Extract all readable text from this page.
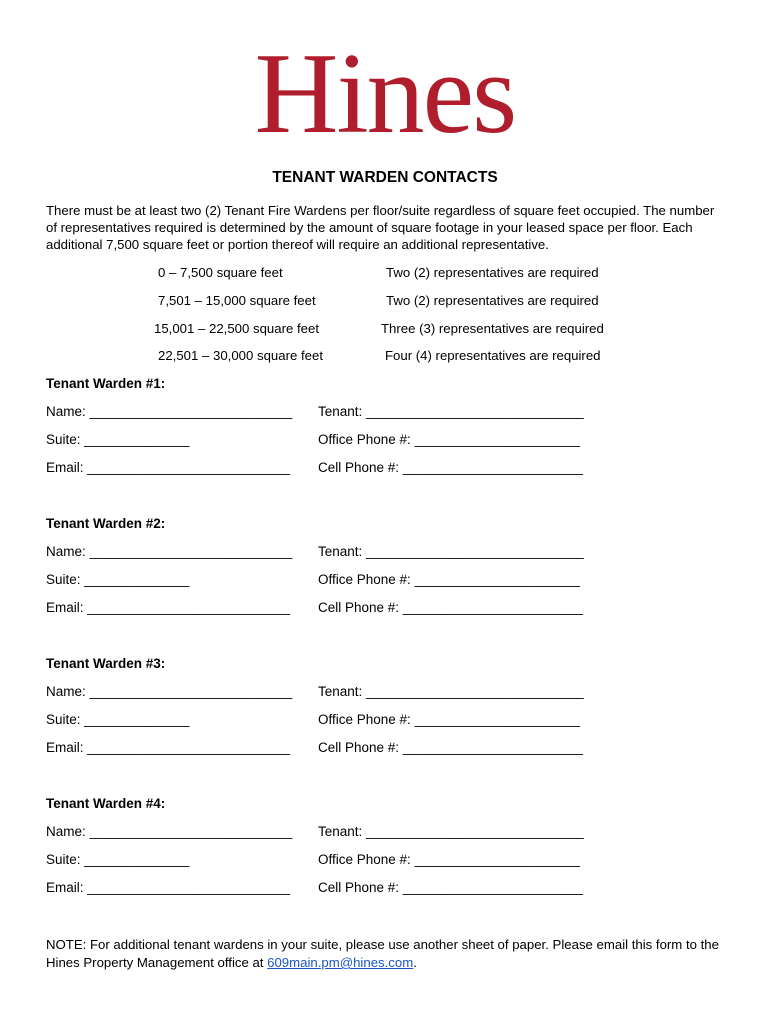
Hines
TENANT WARDEN CONTACTS
There must be at least two (2) Tenant Fire Wardens per floor/suite regardless of square feet occupied. The number of representatives required is determined by the amount of square footage in your leased space per floor. Each additional 7,500 square feet or portion thereof will require an additional representative.
0 – 7,500 square feet	Two (2) representatives are required
7,501 – 15,000 square feet	Two (2) representatives are required
15,001 – 22,500 square feet	Three (3) representatives are required
22,501 – 30,000 square feet	Four (4) representatives are required
Tenant Warden #1:
Name: ___________________________ Tenant: _____________________________
Suite: ______________	Office Phone #: ______________________
Email: ___________________________ Cell Phone #: ________________________
Tenant Warden #2:
Name: ___________________________ Tenant: _____________________________
Suite: ______________	Office Phone #: ______________________
Email: ___________________________ Cell Phone #: ________________________
Tenant Warden #3:
Name: ___________________________ Tenant: _____________________________
Suite: ______________	Office Phone #: ______________________
Email: ___________________________ Cell Phone #: ________________________
Tenant Warden #4:
Name: ___________________________ Tenant: _____________________________
Suite: ______________	Office Phone #: ______________________
Email: ___________________________ Cell Phone #: ________________________
NOTE: For additional tenant wardens in your suite, please use another sheet of paper. Please email this form to the Hines Property Management office at 609main.pm@hines.com.
